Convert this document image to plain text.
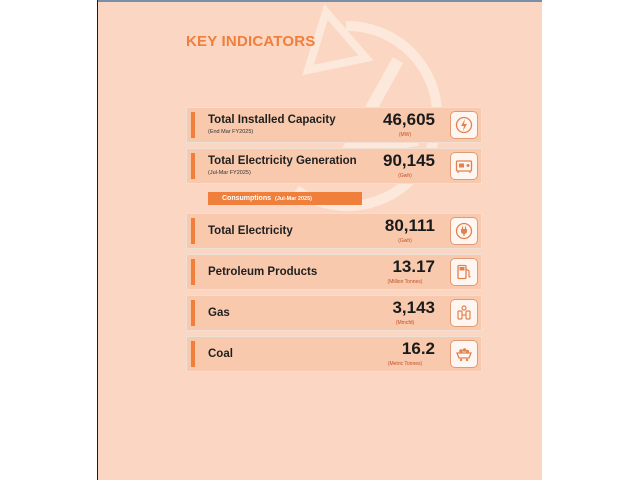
KEY INDICATORS
Total Installed Capacity
(End Mar FY2025)
46,605
(MW)
Total Electricity Generation
(Jul-Mar FY2025)
90,145
(Gwh)
Consumptions (Jul-Mar 2025)
Total Electricity	80,111
(Gwh)
Petroleum Products	13.17
(Million Tonnes)
Gas	3,143
(Mmcfd)
Coal	16.2
(Metric Tonnes)
